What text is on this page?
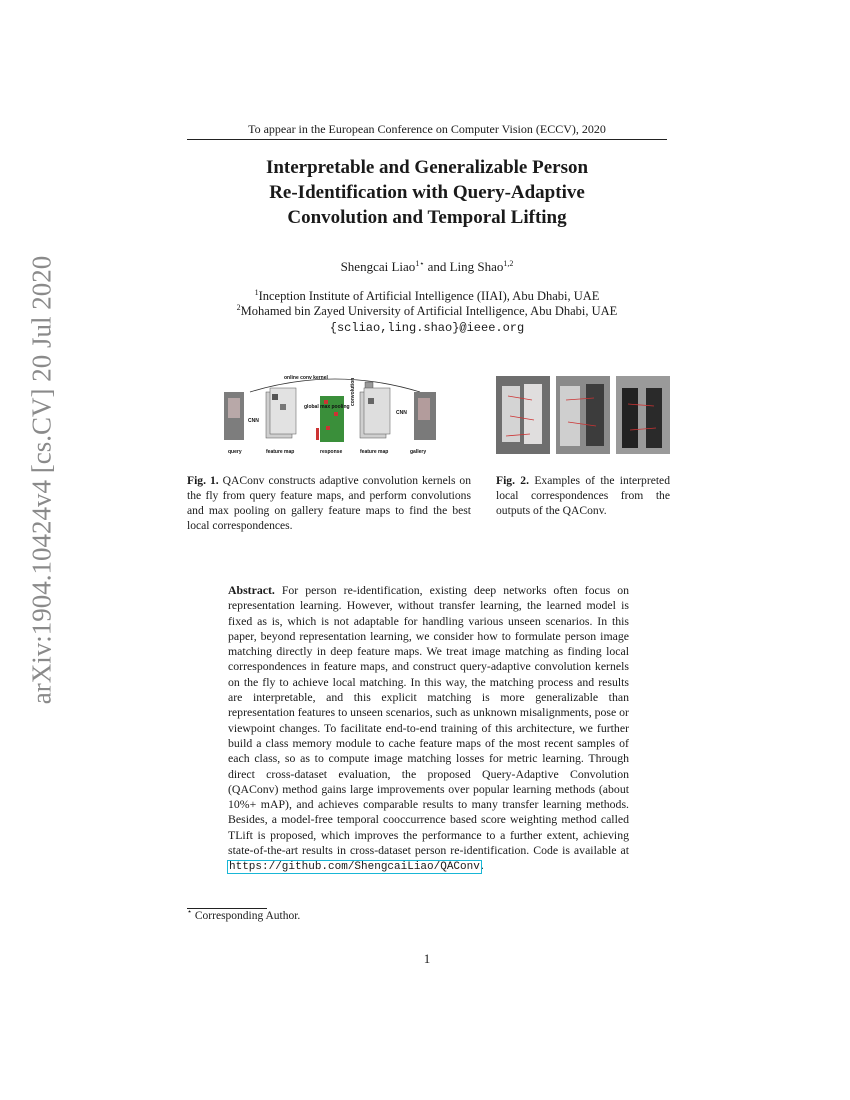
To appear in the European Conference on Computer Vision (ECCV), 2020
Interpretable and Generalizable Person
Re-Identification with Query-Adaptive
Convolution and Temporal Lifting
Shengcai Liao$^{1⋆}$ and Ling Shao$^{1,2}$
$^1$Inception Institute of Artificial Intelligence (IIAI), Abu Dhabi, UAE
$^2$Mohamed bin Zayed University of Artificial Intelligence, Abu Dhabi, UAE
{scliao,ling.shao}@ieee.org
arXiv:1904.10424v4 [cs.CV] 20 Jul 2020	online conv kernel
CNN
global max pooling
convolution
CNN
query	feature map	response	feature map	gallery
Fig. 1. QAConv constructs adaptive convolution kernels on the fly from query feature maps, and perform convolutions and max pooling on gallery feature maps to find the best local correspondences.
Fig. 2. Examples of the interpreted local correspondences from the outputs of the QAConv.
Abstract. For person re-identification, existing deep networks often focus on representation learning. However, without transfer learning, the learned model is fixed as is, which is not adaptable for handling various unseen scenarios. In this paper, beyond representation learning, we consider how to formulate person image matching directly in deep feature maps. We treat image matching as finding local correspondences in feature maps, and construct query-adaptive convolution kernels on the fly to achieve local matching. In this way, the matching process and results are interpretable, and this explicit matching is more generalizable than representation features to unseen scenarios, such as unknown misalignments, pose or viewpoint changes. To facilitate end-to-end training of this architecture, we further build a class memory module to cache feature maps of the most recent samples of each class, so as to compute image matching losses for metric learning. Through direct cross-dataset evaluation, the proposed Query-Adaptive Convolution (QAConv) method gains large improvements over popular learning methods (about 10%+ mAP), and achieves comparable results to many transfer learning methods. Besides, a model-free temporal cooccurrence based score weighting method called TLift is proposed, which improves the performance to a further extent, achieving state-of-the-art results in cross-dataset person re-identification. Code is available at https://github.com/ShengcaiLiao/QAConv.
⋆ Corresponding Author.
1
